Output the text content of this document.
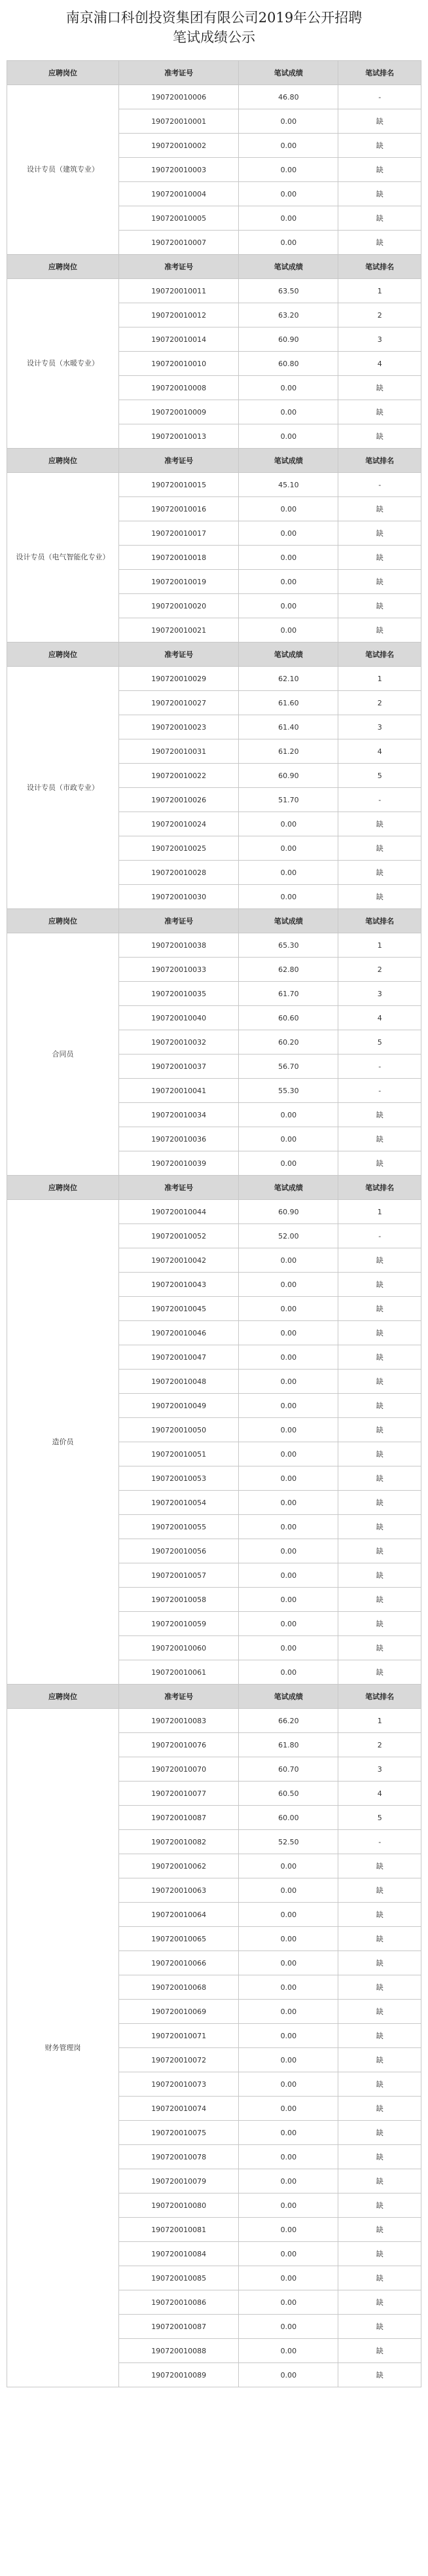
南京浦口科创投资集团有限公司2019年公开招聘
笔试成绩公示
应聘岗位	准考证号	笔试成绩	笔试排名
设计专员（建筑专业）	190720010006	46.80	-
	190720010001	0.00	缺
	190720010002	0.00	缺
	190720010003	0.00	缺
	190720010004	0.00	缺
	190720010005	0.00	缺
	190720010007	0.00	缺
应聘岗位	准考证号	笔试成绩	笔试排名
设计专员（水暖专业）	190720010011	63.50	1
	190720010012	63.20	2
	190720010014	60.90	3
	190720010010	60.80	4
	190720010008	0.00	缺
	190720010009	0.00	缺
	190720010013	0.00	缺
应聘岗位	准考证号	笔试成绩	笔试排名
设计专员（电气智能化专业）	190720010015	45.10	-
	190720010016	0.00	缺
	190720010017	0.00	缺
	190720010018	0.00	缺
	190720010019	0.00	缺
	190720010020	0.00	缺
	190720010021	0.00	缺
应聘岗位	准考证号	笔试成绩	笔试排名
设计专员（市政专业）	190720010029	62.10	1
	190720010027	61.60	2
	190720010023	61.40	3
	190720010031	61.20	4
	190720010022	60.90	5
	190720010026	51.70	-
	190720010024	0.00	缺
	190720010025	0.00	缺
	190720010028	0.00	缺
	190720010030	0.00	缺
应聘岗位	准考证号	笔试成绩	笔试排名
合同员	190720010038	65.30	1
	190720010033	62.80	2
	190720010035	61.70	3
	190720010040	60.60	4
	190720010032	60.20	5
	190720010037	56.70	-
	190720010041	55.30	-
	190720010034	0.00	缺
	190720010036	0.00	缺
	190720010039	0.00	缺
应聘岗位	准考证号	笔试成绩	笔试排名
造价员	190720010044	60.90	1
	190720010052	52.00	-
	190720010042	0.00	缺
	190720010043	0.00	缺
	190720010045	0.00	缺
	190720010046	0.00	缺
	190720010047	0.00	缺
	190720010048	0.00	缺
	190720010049	0.00	缺
	190720010050	0.00	缺
	190720010051	0.00	缺
	190720010053	0.00	缺
	190720010054	0.00	缺
	190720010055	0.00	缺
	190720010056	0.00	缺
	190720010057	0.00	缺
	190720010058	0.00	缺
	190720010059	0.00	缺
	190720010060	0.00	缺
	190720010061	0.00	缺
应聘岗位	准考证号	笔试成绩	笔试排名
财务管理岗	190720010083	66.20	1
	190720010076	61.80	2
	190720010070	60.70	3
	190720010077	60.50	4
	190720010087	60.00	5
	190720010082	52.50	-
	190720010062	0.00	缺
	190720010063	0.00	缺
	190720010064	0.00	缺
	190720010065	0.00	缺
	190720010066	0.00	缺
	190720010068	0.00	缺
	190720010069	0.00	缺
	190720010071	0.00	缺
	190720010072	0.00	缺
	190720010073	0.00	缺
	190720010074	0.00	缺
	190720010075	0.00	缺
	190720010078	0.00	缺
	190720010079	0.00	缺
	190720010080	0.00	缺
	190720010081	0.00	缺
	190720010084	0.00	缺
	190720010085	0.00	缺
	190720010086	0.00	缺
	190720010087	0.00	缺
	190720010088	0.00	缺
	190720010089	0.00	缺
